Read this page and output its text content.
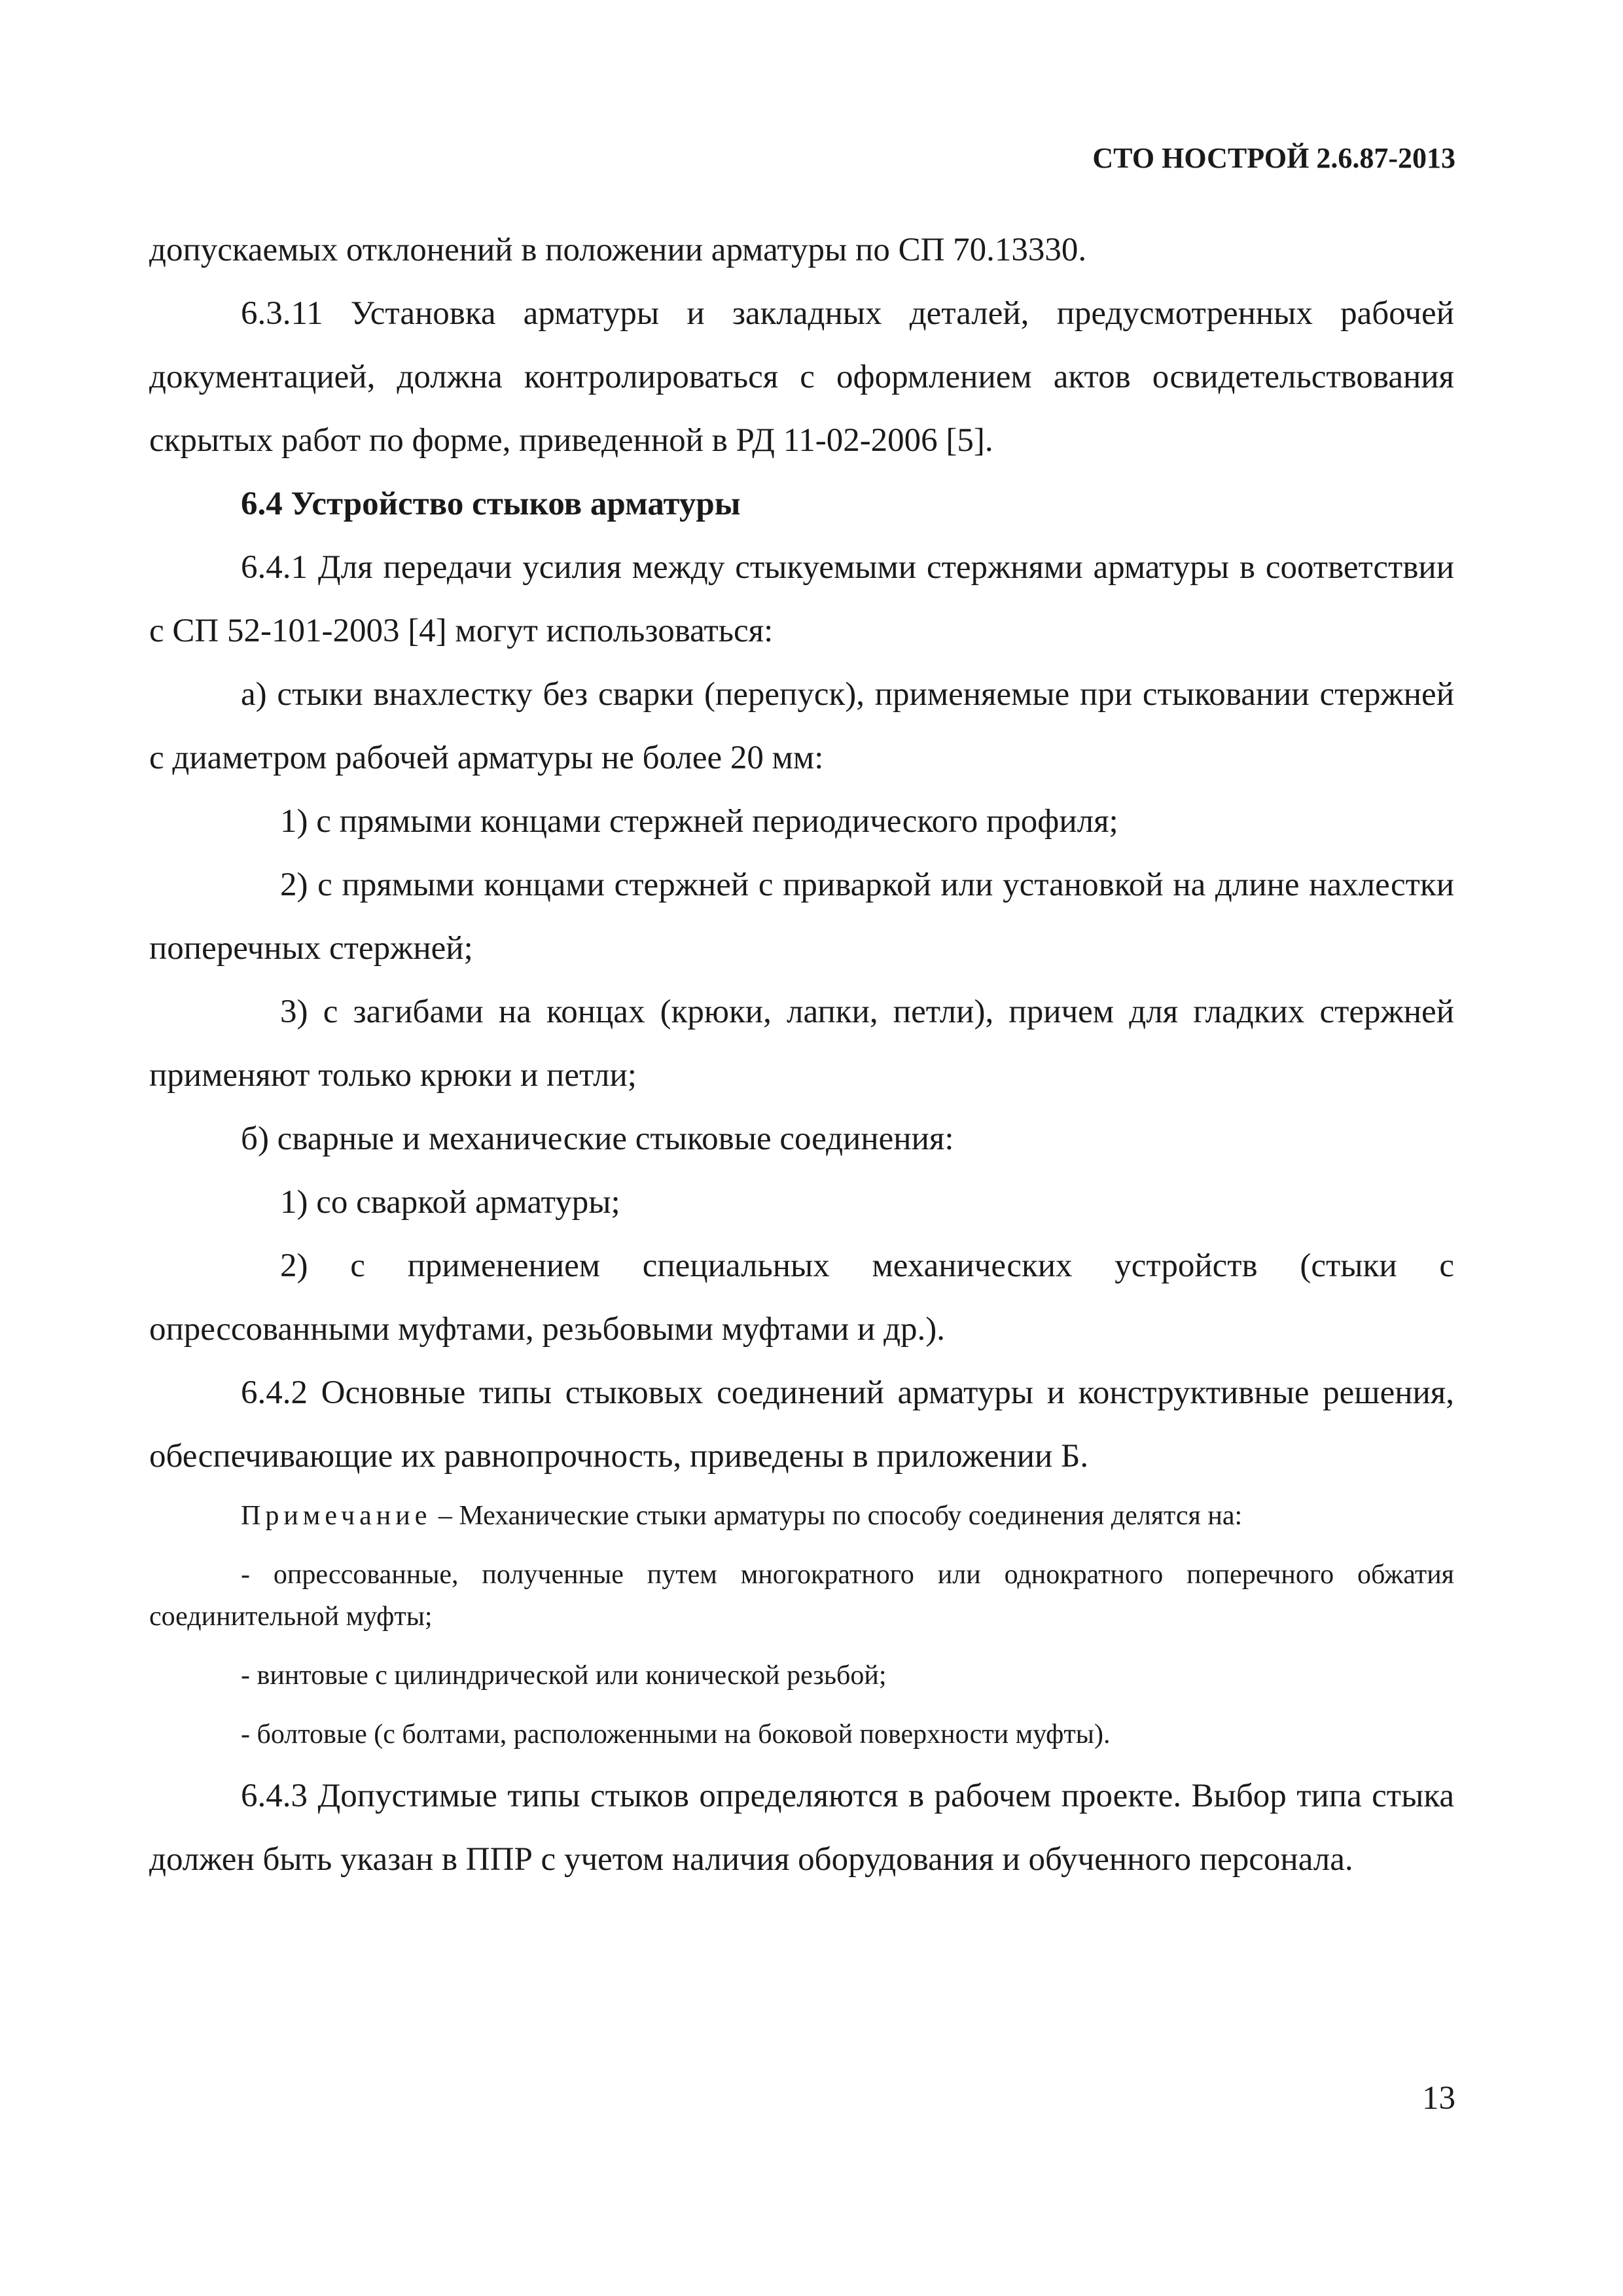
СТО НОСТРОЙ 2.6.87-2013

допускаемых отклонений в положении арматуры по СП 70.13330.

6.3.11 Установка арматуры и закладных деталей, предусмотренных рабочей документацией, должна контролироваться с оформлением актов освидетельствования скрытых работ по форме, приведенной в РД 11-02-2006 [5].

6.4 Устройство стыков арматуры

6.4.1 Для передачи усилия между стыкуемыми стержнями арматуры в соответствии с СП 52-101-2003 [4] могут использоваться:

а) стыки внахлестку без сварки (перепуск), применяемые при стыковании стержней с диаметром рабочей арматуры не более 20 мм:

1) с прямыми концами стержней периодического профиля;

2) с прямыми концами стержней с приваркой или установкой на длине нахлестки поперечных стержней;

3) с загибами на концах (крюки, лапки, петли), причем для гладких стержней применяют только крюки и петли;

б) сварные и механические стыковые соединения:

1) со сваркой арматуры;

2) с применением специальных механических устройств (стыки с опрессованными муфтами, резьбовыми муфтами и др.).

6.4.2 Основные типы стыковых соединений арматуры и конструктивные решения, обеспечивающие их равнопрочность, приведены в приложении Б.

Примечание – Механические стыки арматуры по способу соединения делятся на:

- опрессованные, полученные путем многократного или однократного поперечного обжатия соединительной муфты;

- винтовые с цилиндрической или конической резьбой;

- болтовые (с болтами, расположенными на боковой поверхности муфты).

6.4.3 Допустимые типы стыков определяются в рабочем проекте. Выбор типа стыка должен быть указан в ППР с учетом наличия оборудования и обученного персонала.

13
